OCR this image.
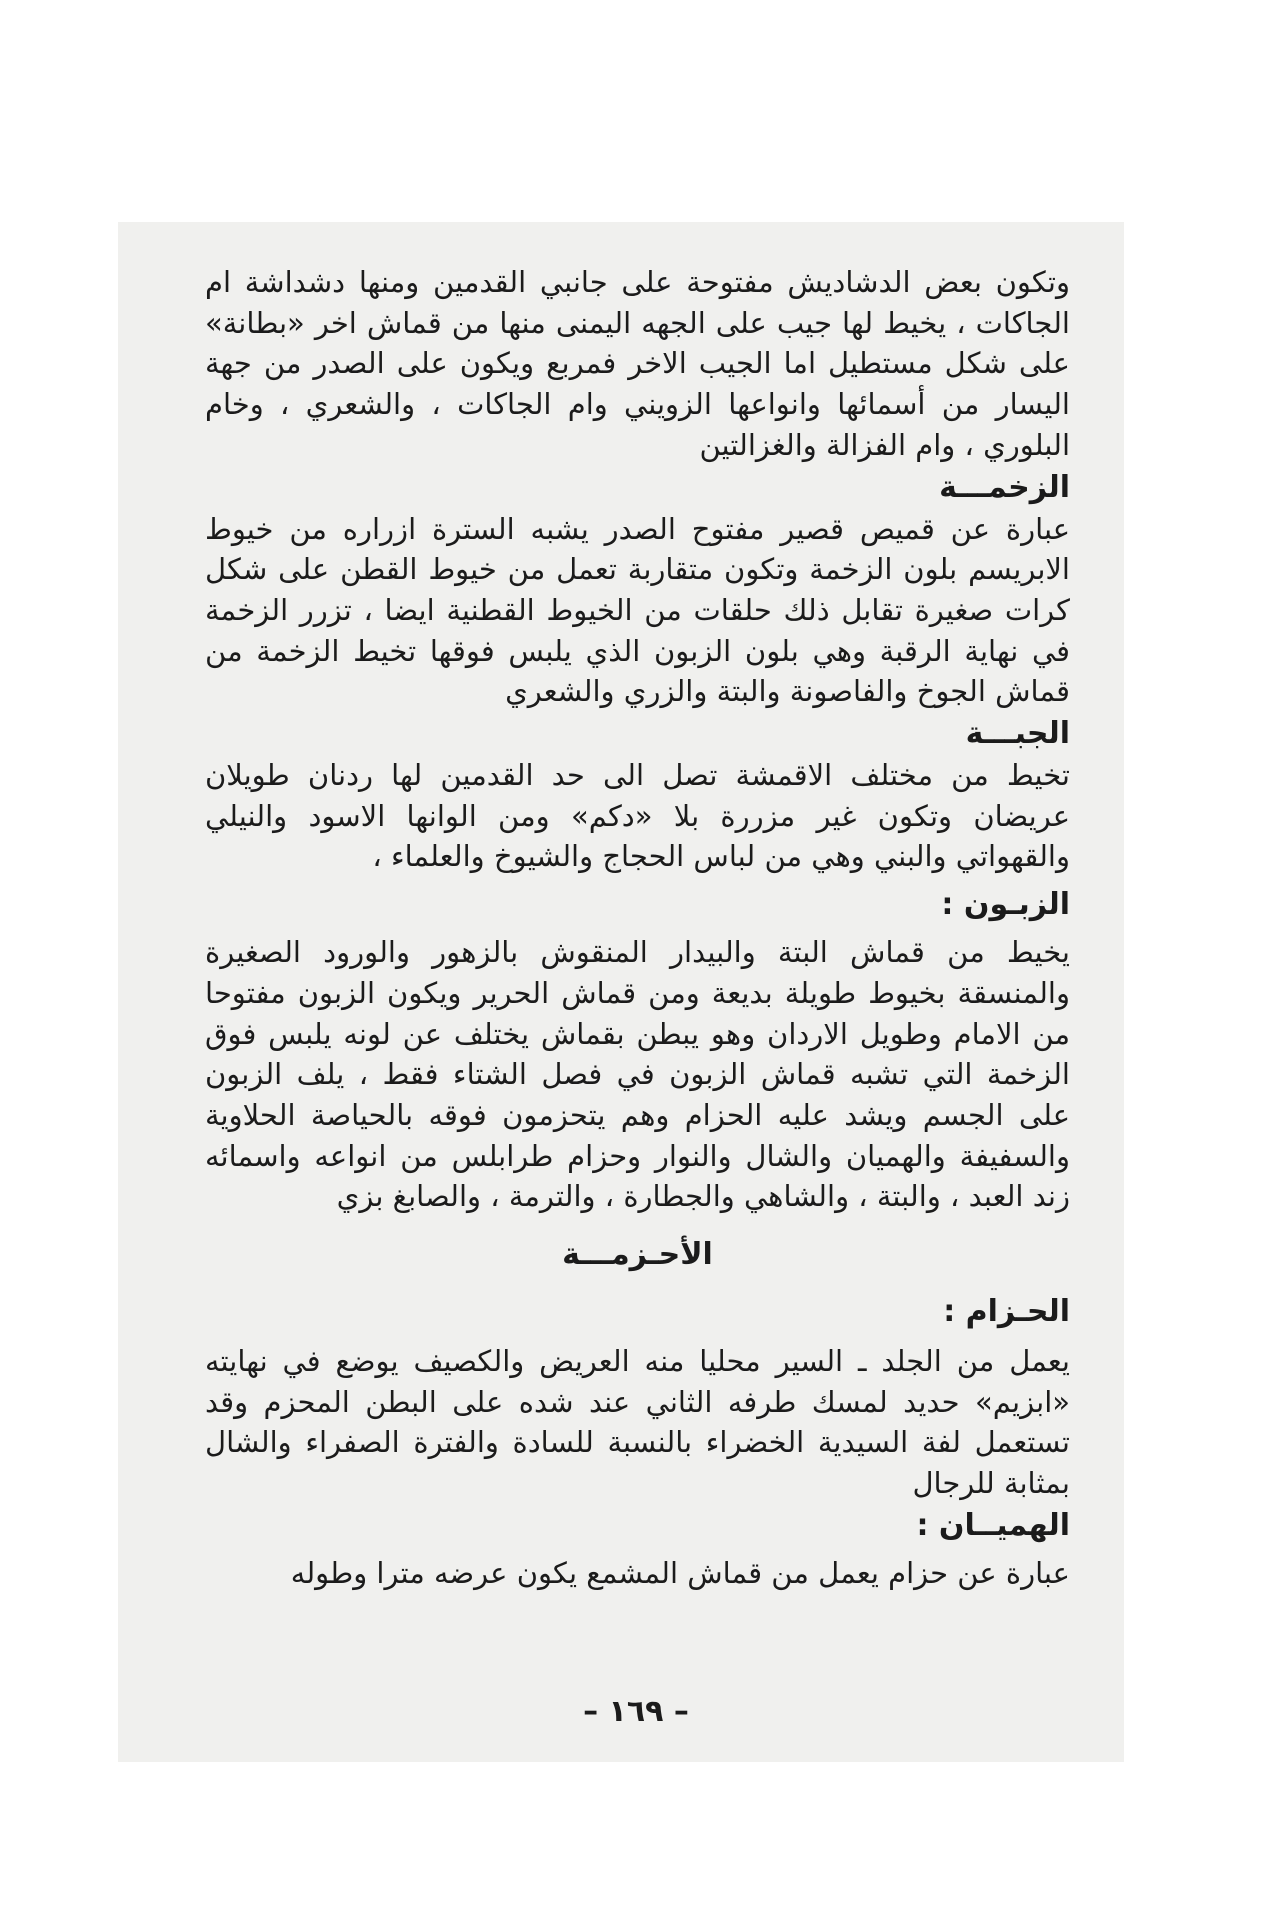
وتكون بعض الدشاديش مفتوحة على جانبي القدمين ومنها دشداشة ام الجاكات ، يخيط لها جيب على الجهه اليمنى منها من قماش اخر «بطانة» على شكل مستطيل اما الجيب الاخر فمربع ويكون على الصدر من جهة اليسار من أسمائها وانواعها الزويني وام الجاكات ، والشعري ، وخام البلوري ، وام الفزالة والغزالتين

الزخمـــة

عبارة عن قميص قصير مفتوح الصدر يشبه السترة ازراره من خيوط الابريسم بلون الزخمة وتكون متقاربة تعمل من خيوط القطن على شكل كرات صغيرة تقابل ذلك حلقات من الخيوط القطنية ايضا ، تزرر الزخمة في نهاية الرقبة وهي بلون الزبون الذي يلبس فوقها تخيط الزخمة من قماش الجوخ والفاصونة والبتة والزري والشعري

الجبـــة

تخيط من مختلف الاقمشة تصل الى حد القدمين لها ردنان طويلان عريضان وتكون غير مزررة بلا «دكم» ومن الوانها الاسود والنيلي والقهواتي والبني وهي من لباس الحجاج والشيوخ والعلماء ،

الزبـون :

يخيط من قماش البتة والبيدار المنقوش بالزهور والورود الصغيرة والمنسقة بخيوط طويلة بديعة ومن قماش الحرير ويكون الزبون مفتوحا من الامام وطويل الاردان وهو يبطن بقماش يختلف عن لونه يلبس فوق الزخمة التي تشبه قماش الزبون في فصل الشتاء فقط ، يلف الزبون على الجسم ويشد عليه الحزام وهم يتحزمون فوقه بالحياصة الحلاوية والسفيفة والهميان والشال والنوار وحزام طرابلس من انواعه واسمائه زند العبد ، والبتة ، والشاهي والجطارة ، والترمة ، والصابغ بزي

الأحـزمـــة
الحـزام :

يعمل من الجلد ـ السير محليا منه العريض والكصيف يوضع في نهايته «ابزيم» حديد لمسك طرفه الثاني عند شده على البطن المحزم وقد تستعمل لفة السيدية الخضراء بالنسبة للسادة والفترة الصفراء والشال بمثابة للرجال

الهميــان :

عبارة عن حزام يعمل من قماش المشمع يكون عرضه مترا وطوله

– ١٦٩ –
